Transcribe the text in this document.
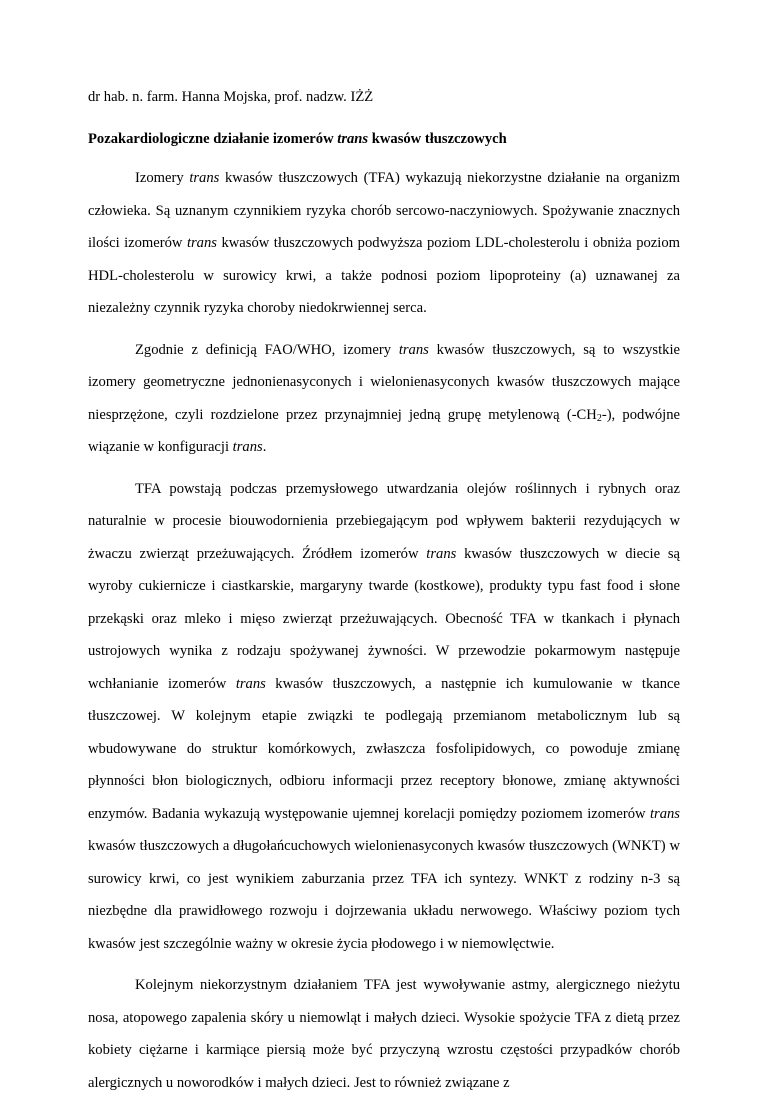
dr hab. n. farm. Hanna Mojska, prof. nadzw. IŻŻ

Pozakardiologiczne działanie izomerów trans kwasów tłuszczowych

Izomery trans kwasów tłuszczowych (TFA) wykazują niekorzystne działanie na organizm człowieka. Są uznanym czynnikiem ryzyka chorób sercowo-naczyniowych. Spożywanie znacznych ilości izomerów trans kwasów tłuszczowych podwyższa poziom LDL-cholesterolu i obniża poziom HDL-cholesterolu w surowicy krwi, a także podnosi poziom lipoproteiny (a) uznawanej za niezależny czynnik ryzyka choroby niedokrwiennej serca.

Zgodnie z definicją FAO/WHO, izomery trans kwasów tłuszczowych, są to wszystkie izomery geometryczne jednonienasyconych i wielonienasyconych kwasów tłuszczowych mające niesprzężone, czyli rozdzielone przez przynajmniej jedną grupę metylenową $(-CH_2-)$, podwójne wiązanie w konfiguracji trans.

TFA powstają podczas przemysłowego utwardzania olejów roślinnych i rybnych oraz naturalnie w procesie biouwodornienia przebiegającym pod wpływem bakterii rezydujących w żwaczu zwierząt przeżuwających. Źródłem izomerów trans kwasów tłuszczowych w diecie są wyroby cukiernicze i ciastkarskie, margaryny twarde (kostkowe), produkty typu fast food i słone przekąski oraz mleko i mięso zwierząt przeżuwających. Obecność TFA w tkankach i płynach ustrojowych wynika z rodzaju spożywanej żywności. W przewodzie pokarmowym następuje wchłanianie izomerów trans kwasów tłuszczowych, a następnie ich kumulowanie w tkance tłuszczowej. W kolejnym etapie związki te podlegają przemianom metabolicznym lub są wbudowywane do struktur komórkowych, zwłaszcza fosfolipidowych, co powoduje zmianę płynności błon biologicznych, odbioru informacji przez receptory błonowe, zmianę aktywności enzymów. Badania wykazują występowanie ujemnej korelacji pomiędzy poziomem izomerów trans kwasów tłuszczowych a długołańcuchowych wielonienasyconych kwasów tłuszczowych (WNKT) w surowicy krwi, co jest wynikiem zaburzania przez TFA ich syntezy. WNKT z rodziny n-3 są niezbędne dla prawidłowego rozwoju i dojrzewania układu nerwowego. Właściwy poziom tych kwasów jest szczególnie ważny w okresie życia płodowego i w niemowlęctwie.

Kolejnym niekorzystnym działaniem TFA jest wywoływanie astmy, alergicznego nieżytu nosa, atopowego zapalenia skóry u niemowląt i małych dzieci. Wysokie spożycie TFA z dietą przez kobiety ciężarne i karmiące piersią może być przyczyną wzrostu częstości przypadków chorób alergicznych u noworodków i małych dzieci. Jest to również związane z
